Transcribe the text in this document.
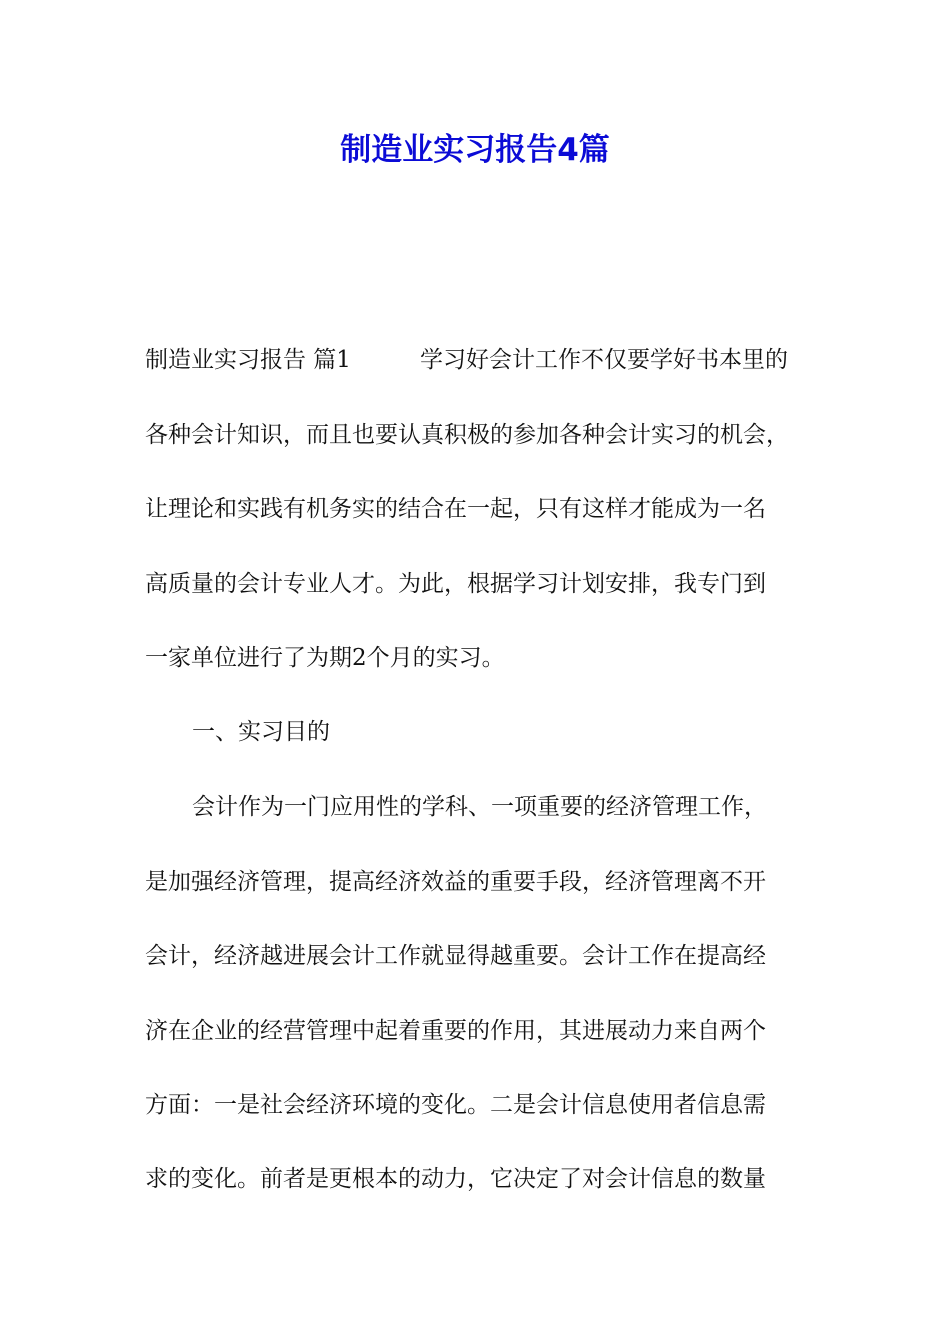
制造业实习报告4篇

制造业实习报告 篇1　　　学习好会计工作不仅要学好书本里的

各种会计知识，而且也要认真积极的参加各种会计实习的机会，

让理论和实践有机务实的结合在一起，只有这样才能成为一名

高质量的会计专业人才。为此，根据学习计划安排，我专门到

一家单位进行了为期2个月的实习。

一、实习目的

会计作为一门应用性的学科、一项重要的经济管理工作，

是加强经济管理，提高经济效益的重要手段，经济管理离不开

会计，经济越进展会计工作就显得越重要。会计工作在提高经

济在企业的经营管理中起着重要的作用，其进展动力来自两个

方面：一是社会经济环境的变化。二是会计信息使用者信息需

求的变化。前者是更根本的动力，它决定了对会计信息的数量
